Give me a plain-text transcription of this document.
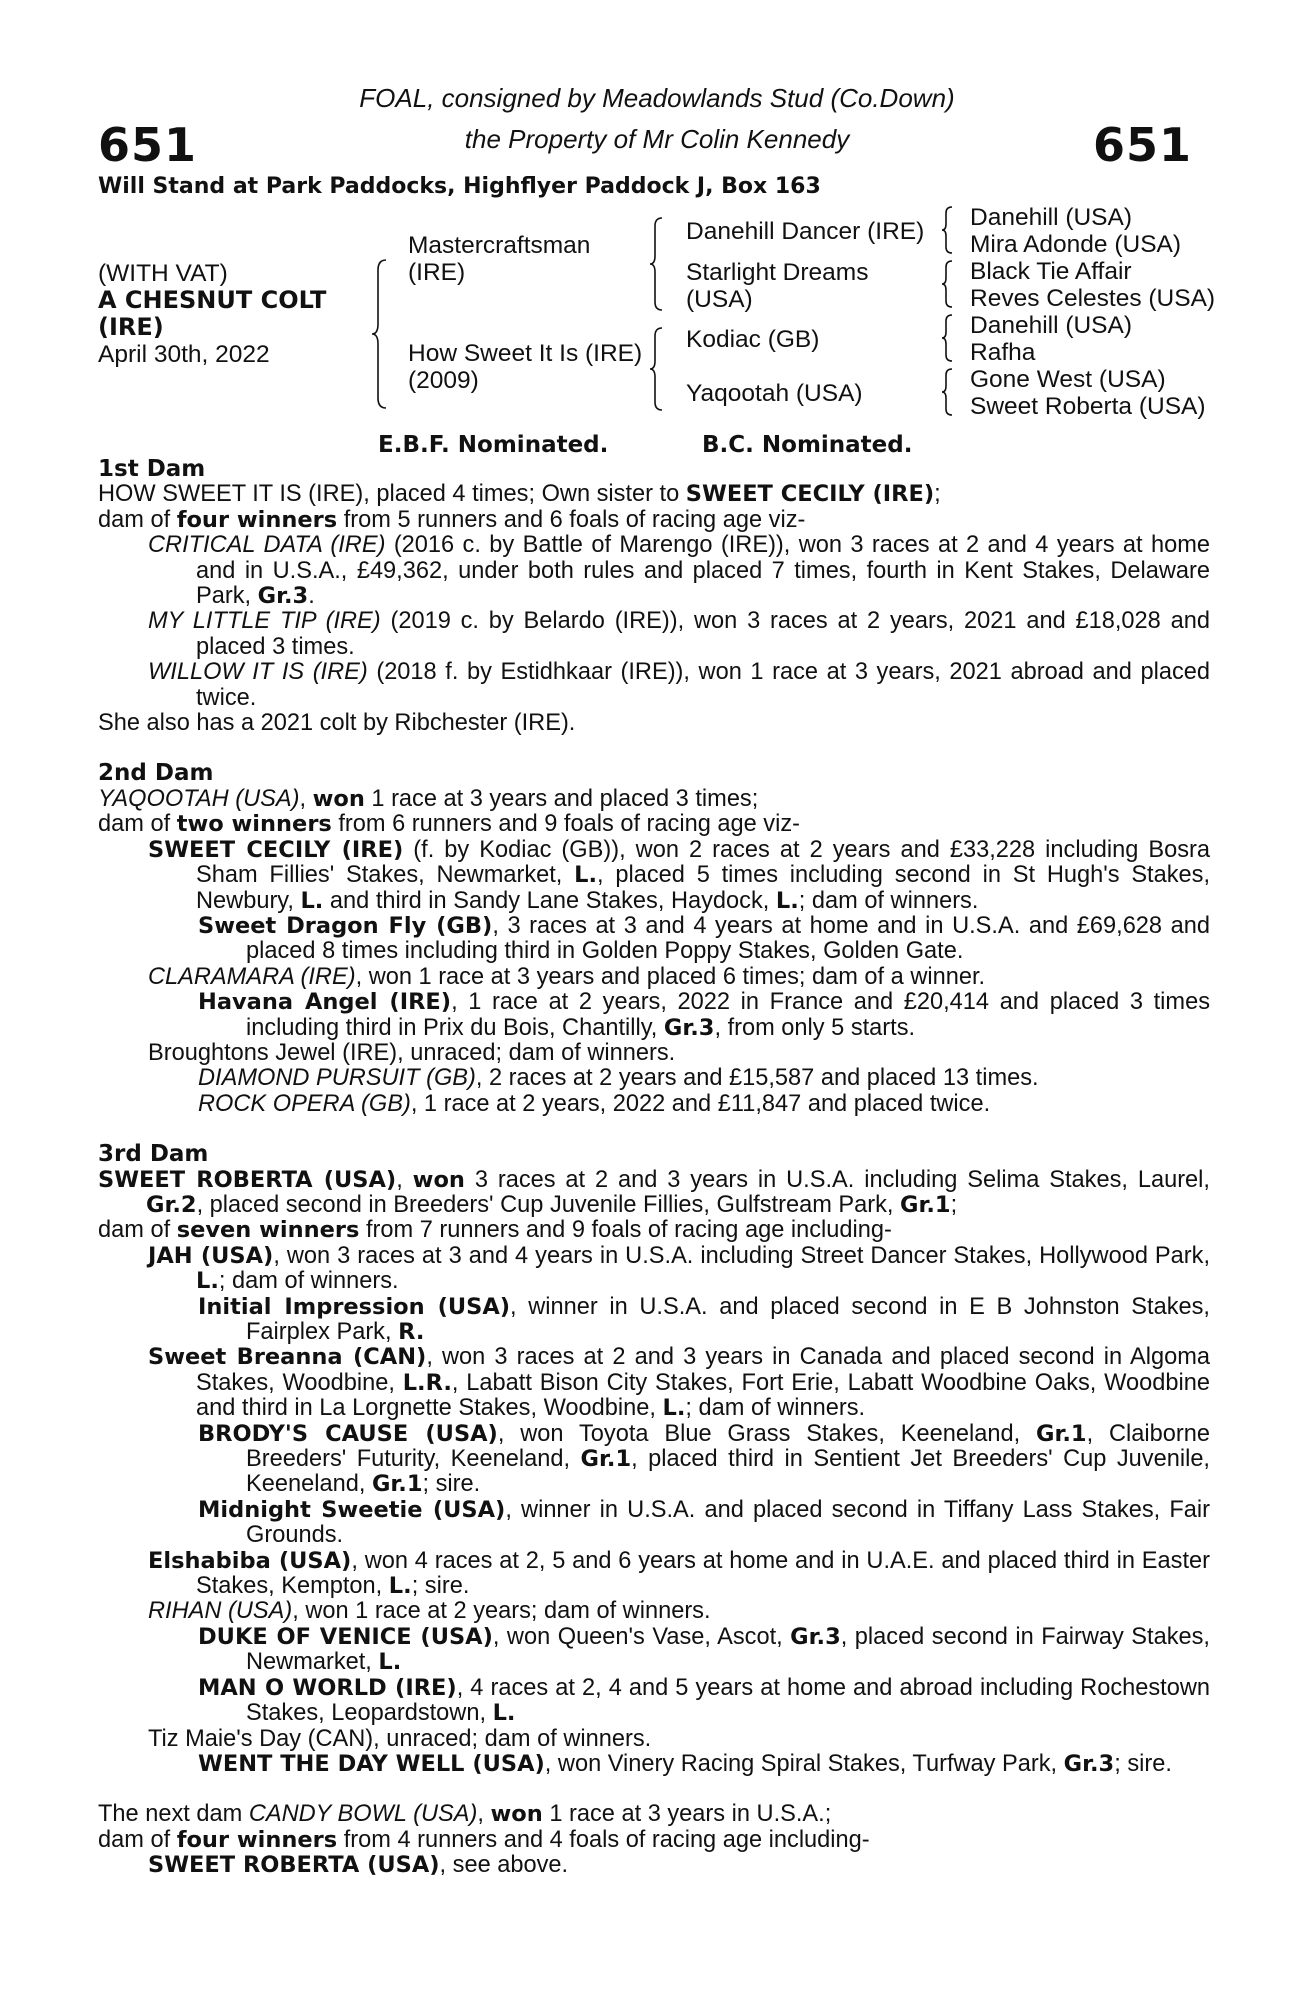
FOAL, consigned by Meadowlands Stud (Co.Down)
the Property of Mr Colin Kennedy
651	651
Will Stand at Park Paddocks, Highflyer Paddock J, Box 163
(WITH VAT)
A CHESNUT COLT
(IRE)
April 30th, 2022
Mastercraftsman
(IRE)
How Sweet It Is (IRE)
(2009)
Danehill Dancer (IRE)
Starlight Dreams
(USA)
Kodiac (GB)
Yaqootah (USA)
Danehill (USA)
Mira Adonde (USA)
Black Tie Affair
Reves Celestes (USA)
Danehill (USA)
Rafha
Gone West (USA)
Sweet Roberta (USA)
E.B.F. Nominated.	B.C. Nominated.
1st Dam

HOW SWEET IT IS (IRE), placed 4 times; Own sister to SWEET CECILY (IRE);

dam of four winners from 5 runners and 6 foals of racing age viz-

CRITICAL DATA (IRE) (2016 c. by Battle of Marengo (IRE)), won 3 races at 2 and 4 years at home and in U.S.A., £49,362, under both rules and placed 7 times, fourth in Kent Stakes, Delaware Park, Gr.3.

MY LITTLE TIP (IRE) (2019 c. by Belardo (IRE)), won 3 races at 2 years, 2021 and £18,028 and placed 3 times.

WILLOW IT IS (IRE) (2018 f. by Estidhkaar (IRE)), won 1 race at 3 years, 2021 abroad and placed twice.

She also has a 2021 colt by Ribchester (IRE).

2nd Dam

YAQOOTAH (USA), won 1 race at 3 years and placed 3 times;

dam of two winners from 6 runners and 9 foals of racing age viz-

SWEET CECILY (IRE) (f. by Kodiac (GB)), won 2 races at 2 years and £33,228 including Bosra Sham Fillies' Stakes, Newmarket, L., placed 5 times including second in St Hugh's Stakes, Newbury, L. and third in Sandy Lane Stakes, Haydock, L.; dam of winners.

Sweet Dragon Fly (GB), 3 races at 3 and 4 years at home and in U.S.A. and £69,628 and placed 8 times including third in Golden Poppy Stakes, Golden Gate.

CLARAMARA (IRE), won 1 race at 3 years and placed 6 times; dam of a winner.

Havana Angel (IRE), 1 race at 2 years, 2022 in France and £20,414 and placed 3 times including third in Prix du Bois, Chantilly, Gr.3, from only 5 starts.

Broughtons Jewel (IRE), unraced; dam of winners.

DIAMOND PURSUIT (GB), 2 races at 2 years and £15,587 and placed 13 times.

ROCK OPERA (GB), 1 race at 2 years, 2022 and £11,847 and placed twice.

3rd Dam

SWEET ROBERTA (USA), won 3 races at 2 and 3 years in U.S.A. including Selima Stakes, Laurel, Gr.2, placed second in Breeders' Cup Juvenile Fillies, Gulfstream Park, Gr.1;

dam of seven winners from 7 runners and 9 foals of racing age including-

JAH (USA), won 3 races at 3 and 4 years in U.S.A. including Street Dancer Stakes, Hollywood Park, L.; dam of winners.

Initial Impression (USA), winner in U.S.A. and placed second in E B Johnston Stakes, Fairplex Park, R.

Sweet Breanna (CAN), won 3 races at 2 and 3 years in Canada and placed second in Algoma Stakes, Woodbine, L.R., Labatt Bison City Stakes, Fort Erie, Labatt Woodbine Oaks, Woodbine and third in La Lorgnette Stakes, Woodbine, L.; dam of winners.

BRODY'S CAUSE (USA), won Toyota Blue Grass Stakes, Keeneland, Gr.1, Claiborne Breeders' Futurity, Keeneland, Gr.1, placed third in Sentient Jet Breeders' Cup Juvenile, Keeneland, Gr.1; sire.

Midnight Sweetie (USA), winner in U.S.A. and placed second in Tiffany Lass Stakes, Fair Grounds.

Elshabiba (USA), won 4 races at 2, 5 and 6 years at home and in U.A.E. and placed third in Easter Stakes, Kempton, L.; sire.

RIHAN (USA), won 1 race at 2 years; dam of winners.

DUKE OF VENICE (USA), won Queen's Vase, Ascot, Gr.3, placed second in Fairway Stakes, Newmarket, L.

MAN O WORLD (IRE), 4 races at 2, 4 and 5 years at home and abroad including Rochestown Stakes, Leopardstown, L.

Tiz Maie's Day (CAN), unraced; dam of winners.

WENT THE DAY WELL (USA), won Vinery Racing Spiral Stakes, Turfway Park, Gr.3; sire.

The next dam CANDY BOWL (USA), won 1 race at 3 years in U.S.A.;

dam of four winners from 4 runners and 4 foals of racing age including-

SWEET ROBERTA (USA), see above.
